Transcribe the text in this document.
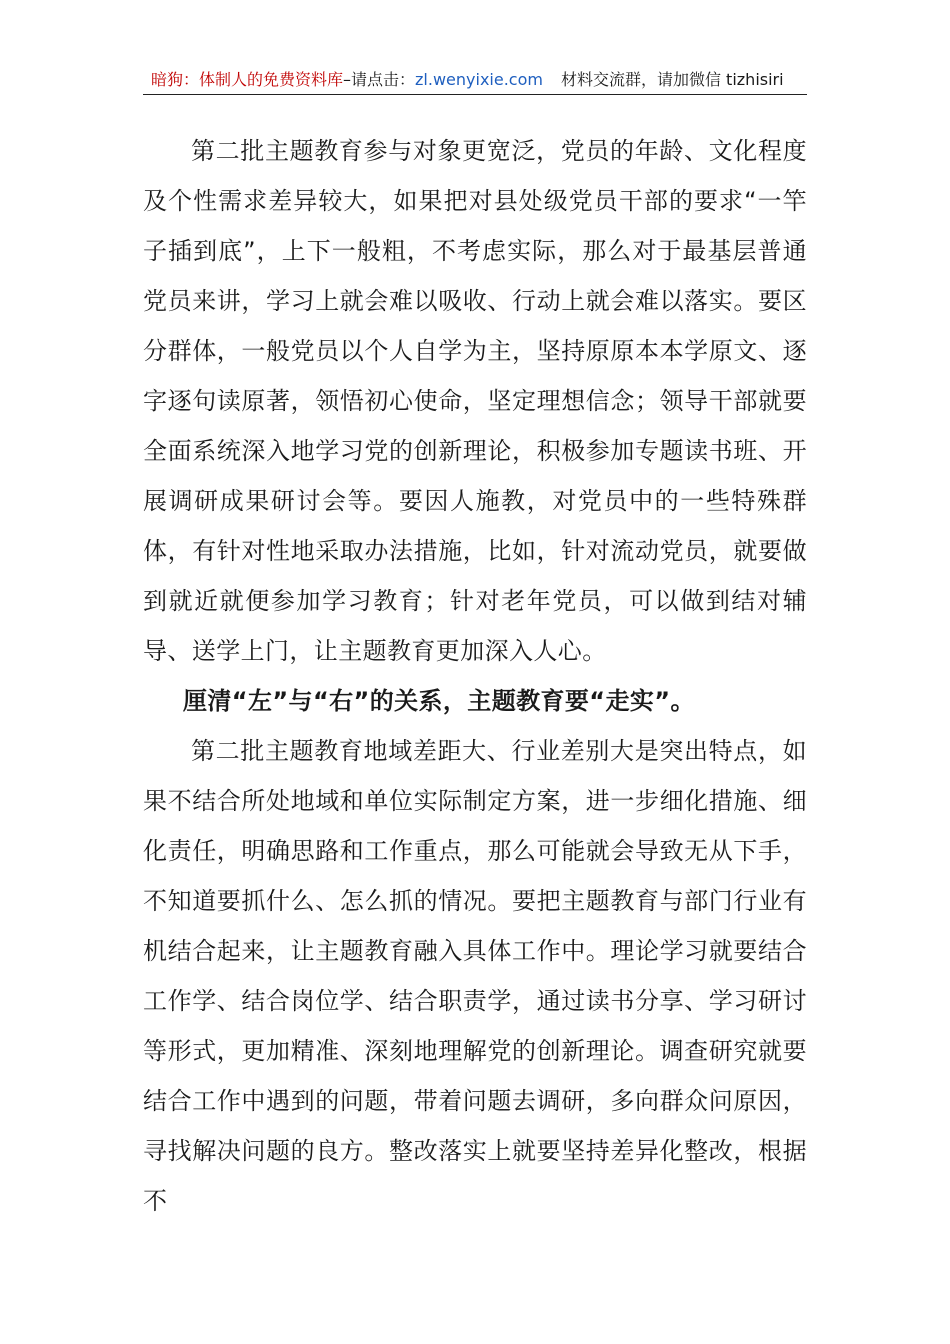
暗狗：体制人的免费资料库–请点击：zl.wenyixie.com 材料交流群，请加微信 tizhisiri

第二批主题教育参与对象更宽泛，党员的年龄、文化程度及个性需求差异较大，如果把对县处级党员干部的要求“一竿子插到底”，上下一般粗，不考虑实际，那么对于最基层普通党员来讲，学习上就会难以吸收、行动上就会难以落实。要区分群体，一般党员以个人自学为主，坚持原原本本学原文、逐字逐句读原著，领悟初心使命，坚定理想信念；领导干部就要全面系统深入地学习党的创新理论，积极参加专题读书班、开展调研成果研讨会等。要因人施教，对党员中的一些特殊群体，有针对性地采取办法措施，比如，针对流动党员，就要做到就近就便参加学习教育；针对老年党员，可以做到结对辅导、送学上门，让主题教育更加深入人心。

厘清“左”与“右”的关系，主题教育要“走实”。

第二批主题教育地域差距大、行业差别大是突出特点，如果不结合所处地域和单位实际制定方案，进一步细化措施、细化责任，明确思路和工作重点，那么可能就会导致无从下手，不知道要抓什么、怎么抓的情况。要把主题教育与部门行业有机结合起来，让主题教育融入具体工作中。理论学习就要结合工作学、结合岗位学、结合职责学，通过读书分享、学习研讨等形式，更加精准、深刻地理解党的创新理论。调查研究就要结合工作中遇到的问题，带着问题去调研，多向群众问原因，寻找解决问题的良方。整改落实上就要坚持差异化整改，根据不
